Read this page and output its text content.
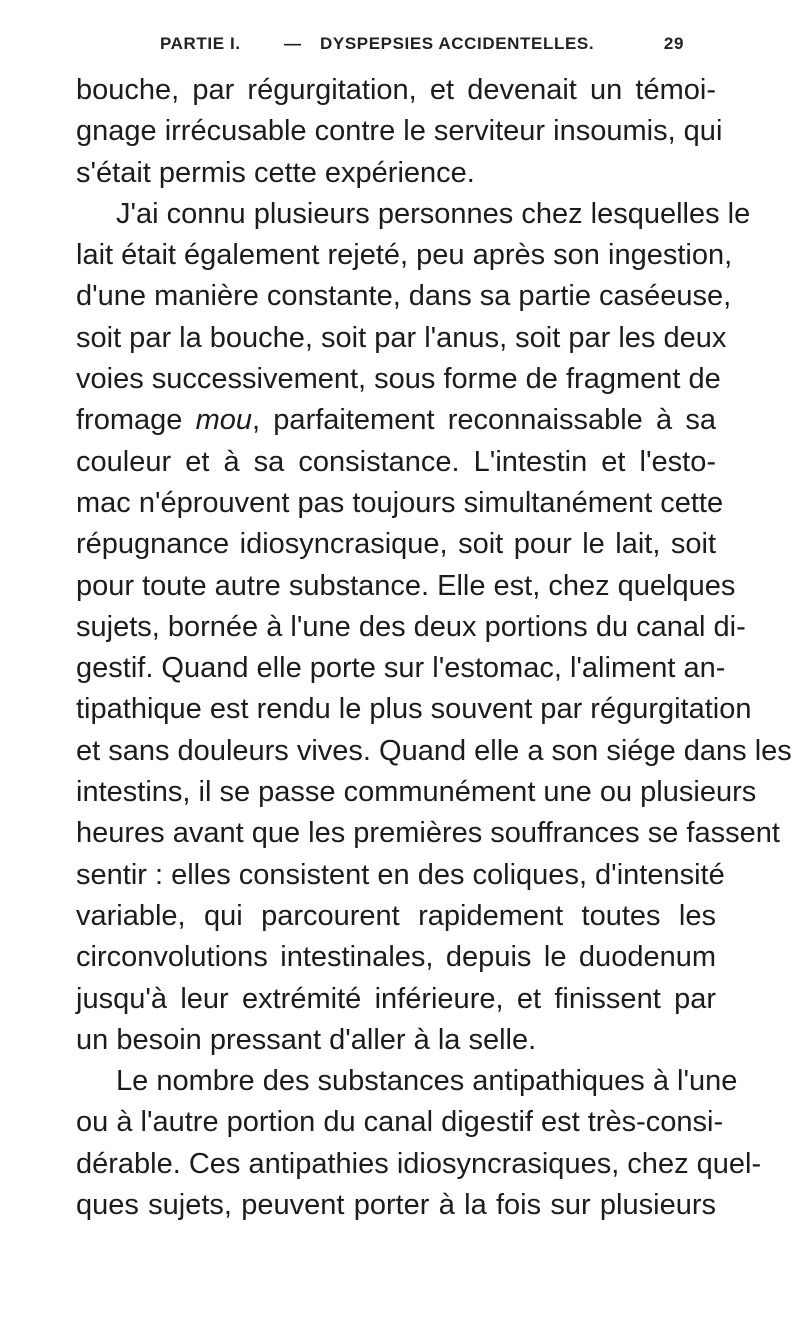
PARTIE I.	— DYSPEPSIES ACCIDENTELLES.	29
bouche, par régurgitation, et devenait un témoi-
gnage irrécusable contre le serviteur insoumis, qui
s'était permis cette expérience.
J'ai connu plusieurs personnes chez lesquelles le
lait était également rejeté, peu après son ingestion,
d'une manière constante, dans sa partie caséeuse,
soit par la bouche, soit par l'anus, soit par les deux
voies successivement, sous forme de fragment de
fromage mou, parfaitement reconnaissable à sa
couleur et à sa consistance. L'intestin et l'esto-
mac n'éprouvent pas toujours simultanément cette
répugnance idiosyncrasique, soit pour le lait, soit
pour toute autre substance. Elle est, chez quelques
sujets, bornée à l'une des deux portions du canal di-
gestif. Quand elle porte sur l'estomac, l'aliment an-
tipathique est rendu le plus souvent par régurgitation
et sans douleurs vives. Quand elle a son siége dans les
intestins, il se passe communément une ou plusieurs
heures avant que les premières souffrances se fassent
sentir : elles consistent en des coliques, d'intensité
variable, qui parcourent rapidement toutes les
circonvolutions intestinales, depuis le duodenum
jusqu'à leur extrémité inférieure, et finissent par
un besoin pressant d'aller à la selle.
Le nombre des substances antipathiques à l'une
ou à l'autre portion du canal digestif est très-consi-
dérable. Ces antipathies idiosyncrasiques, chez quel-
ques sujets, peuvent porter à la fois sur plusieurs
